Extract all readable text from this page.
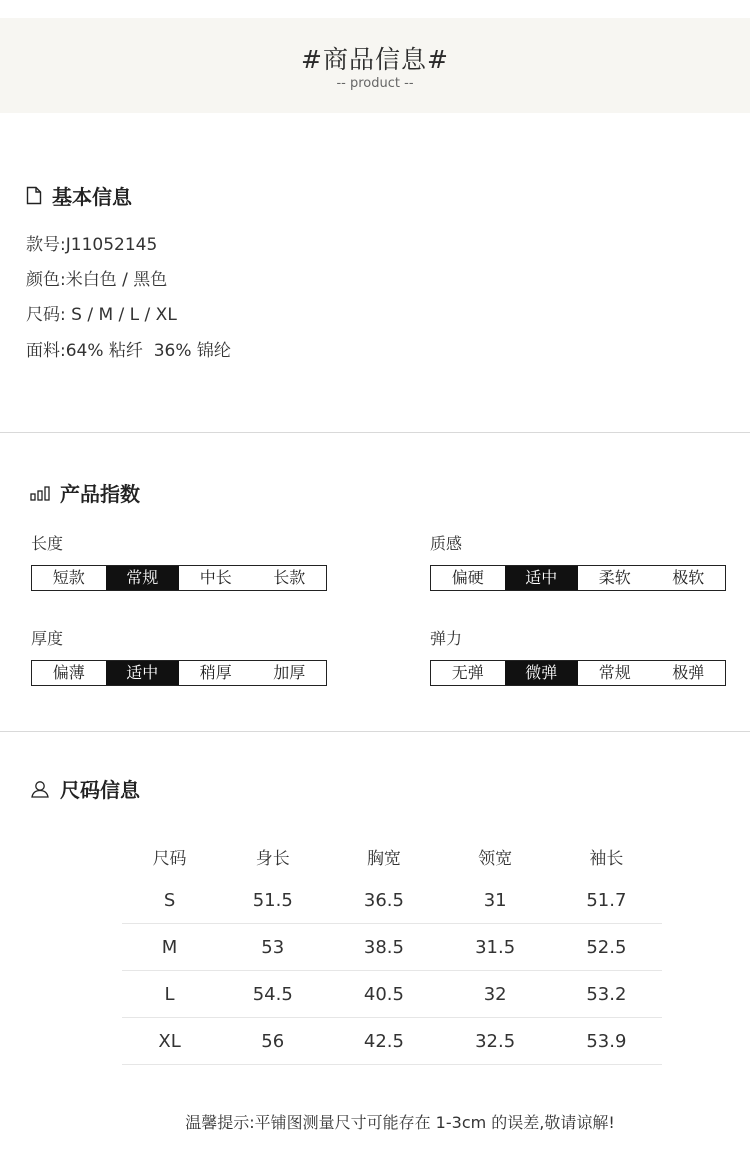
#商品信息#
-- product --
基本信息
款号:J11052145
颜色:米白色 / 黑色
尺码: S / M / L / XL
面料:64% 粘纤  36% 锦纶
产品指数
长度
短款	常规	中长	长款
质感
偏硬	适中	柔软	极软
厚度
偏薄	适中	稍厚	加厚
弹力
无弹	微弹	常规	极弹
尺码信息
尺码	身长	胸宽	领宽	袖长
S	51.5	36.5	31	51.7
M	53	38.5	31.5	52.5
L	54.5	40.5	32	53.2
XL	56	42.5	32.5	53.9
温馨提示:平铺图测量尺寸可能存在 1-3cm 的误差,敬请谅解!
